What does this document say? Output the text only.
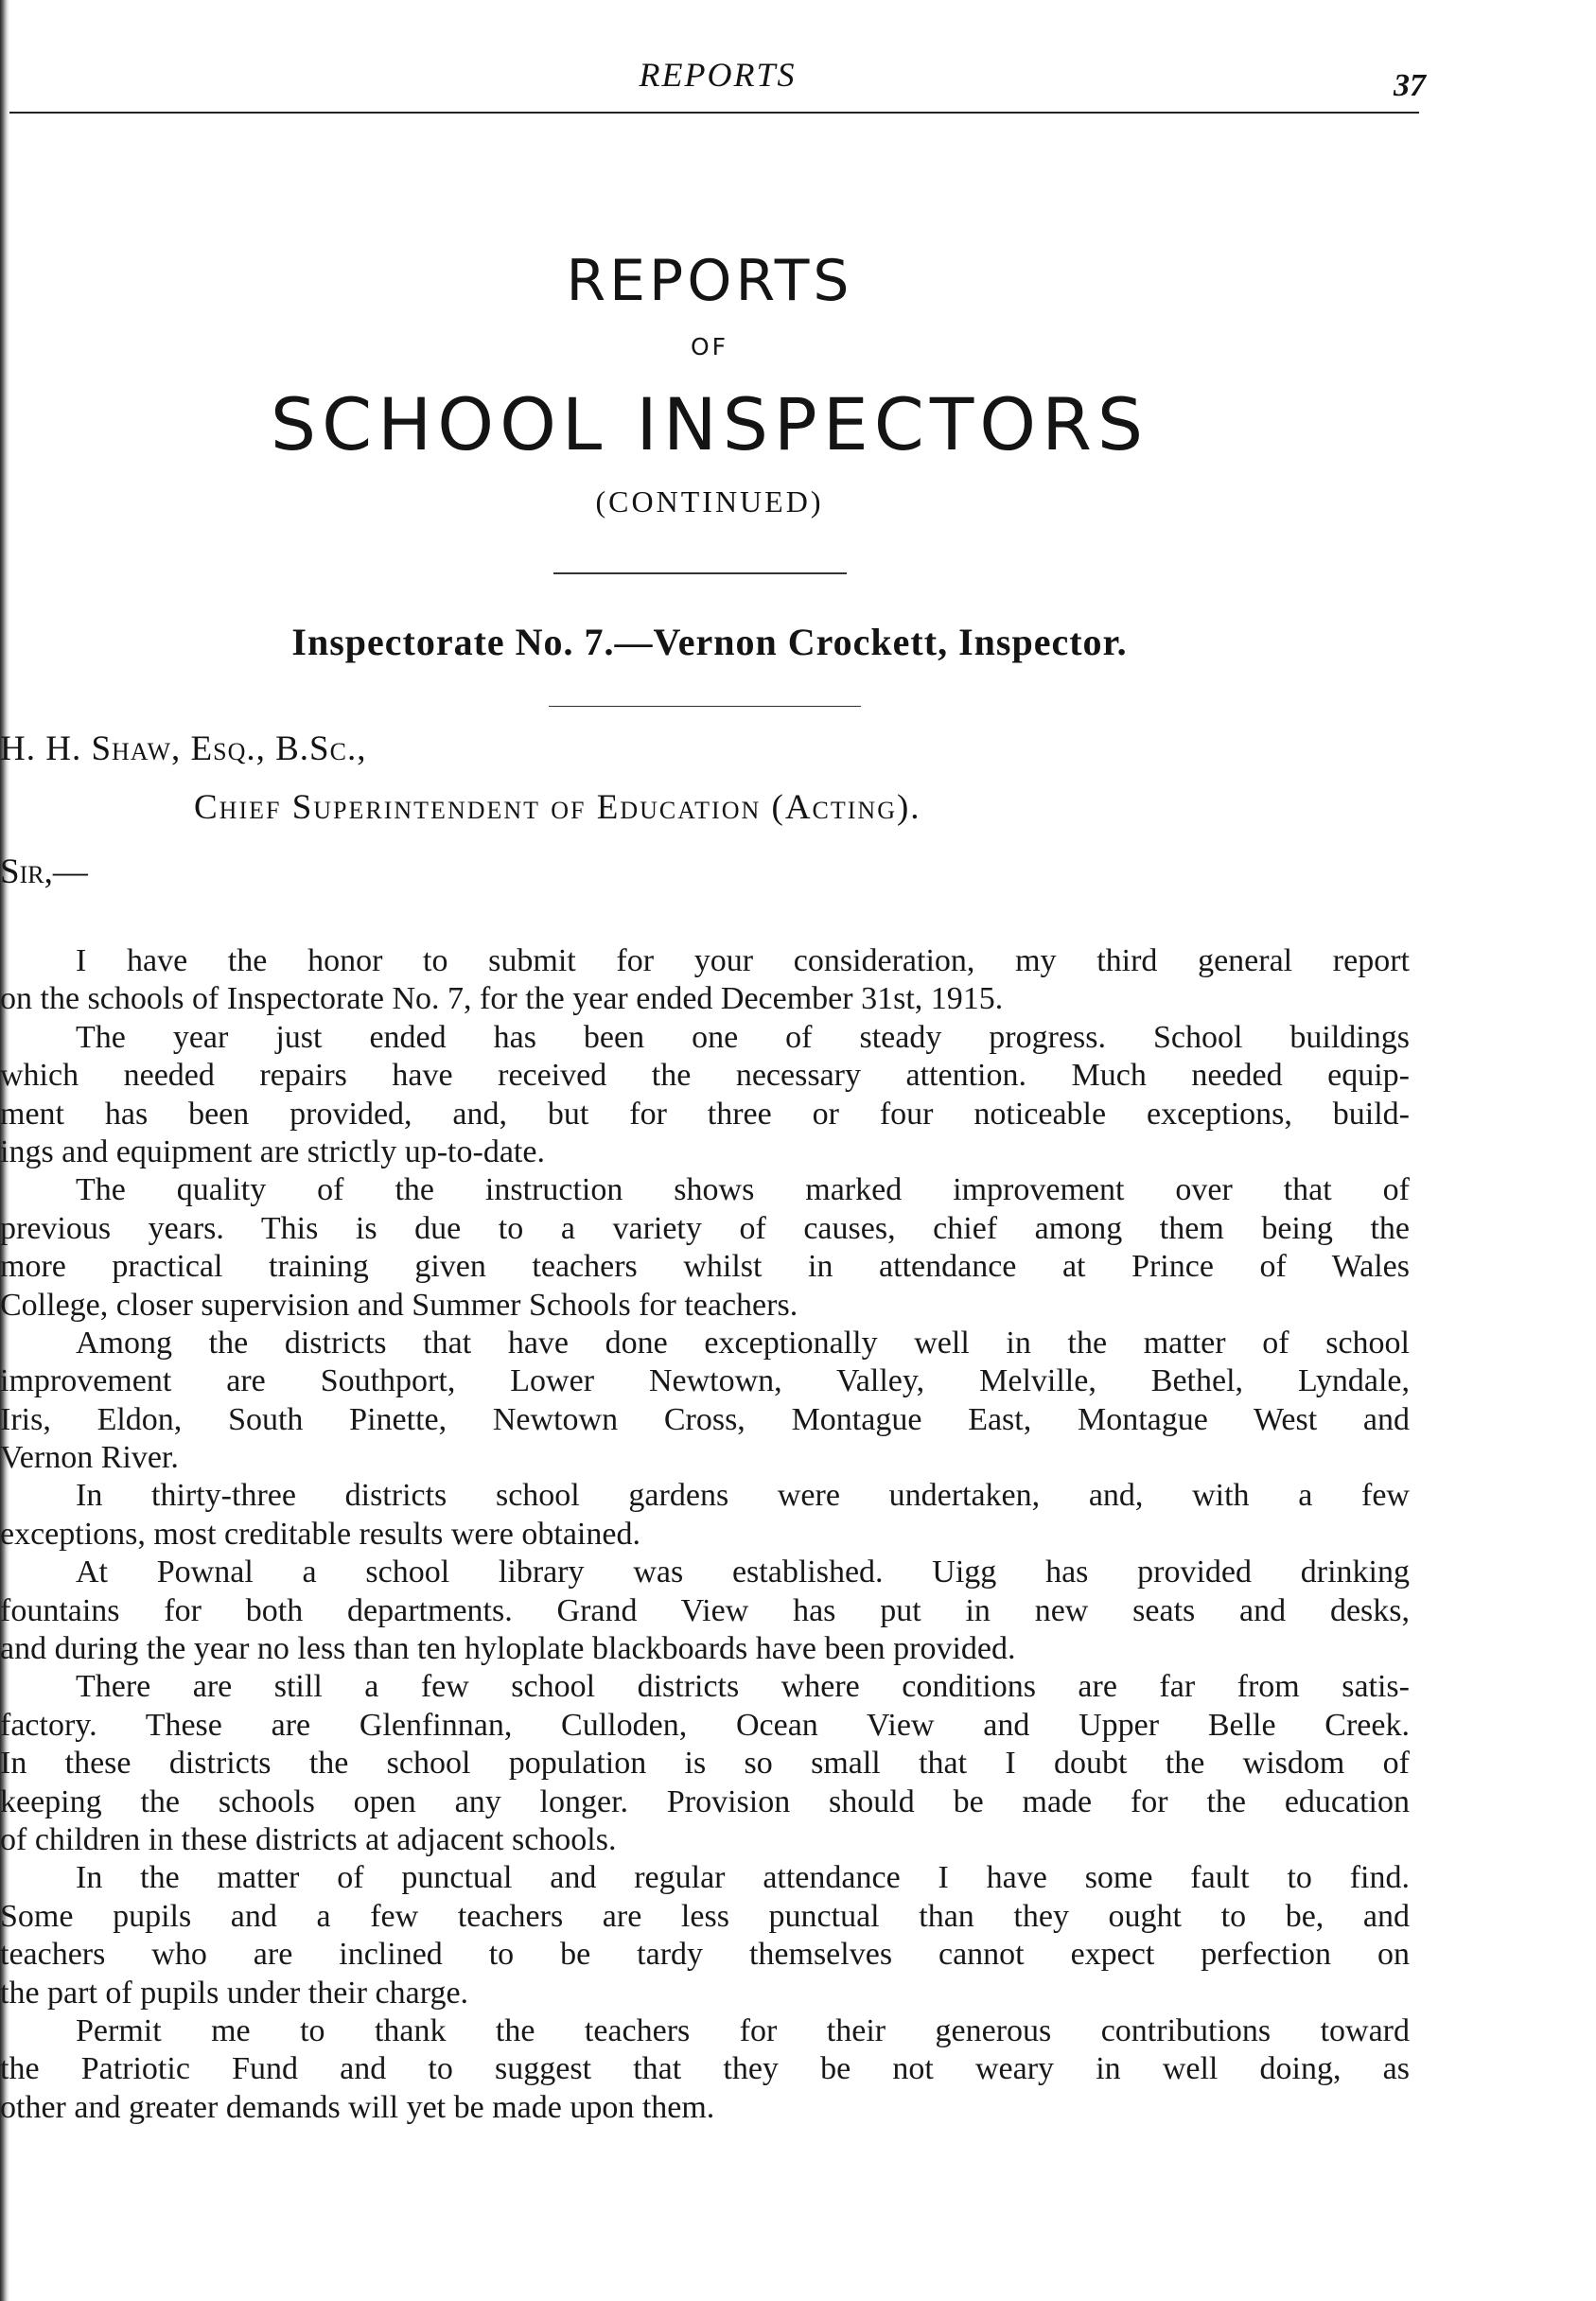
REPORTS	37
REPORTS
OF
SCHOOL INSPECTORS
(CONTINUED)
Inspectorate No. 7.—Vernon Crockett, Inspector.
H. H. Shaw, Esq., B.Sc.,
Chief Superintendent of Education (Acting).
Sir,—
I have the honor to submit for your consideration, my third general report
on the schools of Inspectorate No. 7, for the year ended December 31st, 1915.
The year just ended has been one of steady progress. School buildings
which needed repairs have received the necessary attention. Much needed equip-
ment has been provided, and, but for three or four noticeable exceptions, build-
ings and equipment are strictly up-to-date.
The quality of the instruction shows marked improvement over that of
previous years. This is due to a variety of causes, chief among them being the
more practical training given teachers whilst in attendance at Prince of Wales
College, closer supervision and Summer Schools for teachers.
Among the districts that have done exceptionally well in the matter of school
improvement are Southport, Lower Newtown, Valley, Melville, Bethel, Lyndale,
Iris, Eldon, South Pinette, Newtown Cross, Montague East, Montague West and
Vernon River.
In thirty-three districts school gardens were undertaken, and, with a few
exceptions, most creditable results were obtained.
At Pownal a school library was established. Uigg has provided drinking
fountains for both departments. Grand View has put in new seats and desks,
and during the year no less than ten hyloplate blackboards have been provided.
There are still a few school districts where conditions are far from satis-
factory. These are Glenfinnan, Culloden, Ocean View and Upper Belle Creek.
In these districts the school population is so small that I doubt the wisdom of
keeping the schools open any longer. Provision should be made for the education
of children in these districts at adjacent schools.
In the matter of punctual and regular attendance I have some fault to find.
Some pupils and a few teachers are less punctual than they ought to be, and
teachers who are inclined to be tardy themselves cannot expect perfection on
the part of pupils under their charge.
Permit me to thank the teachers for their generous contributions toward
the Patriotic Fund and to suggest that they be not weary in well doing, as
other and greater demands will yet be made upon them.
